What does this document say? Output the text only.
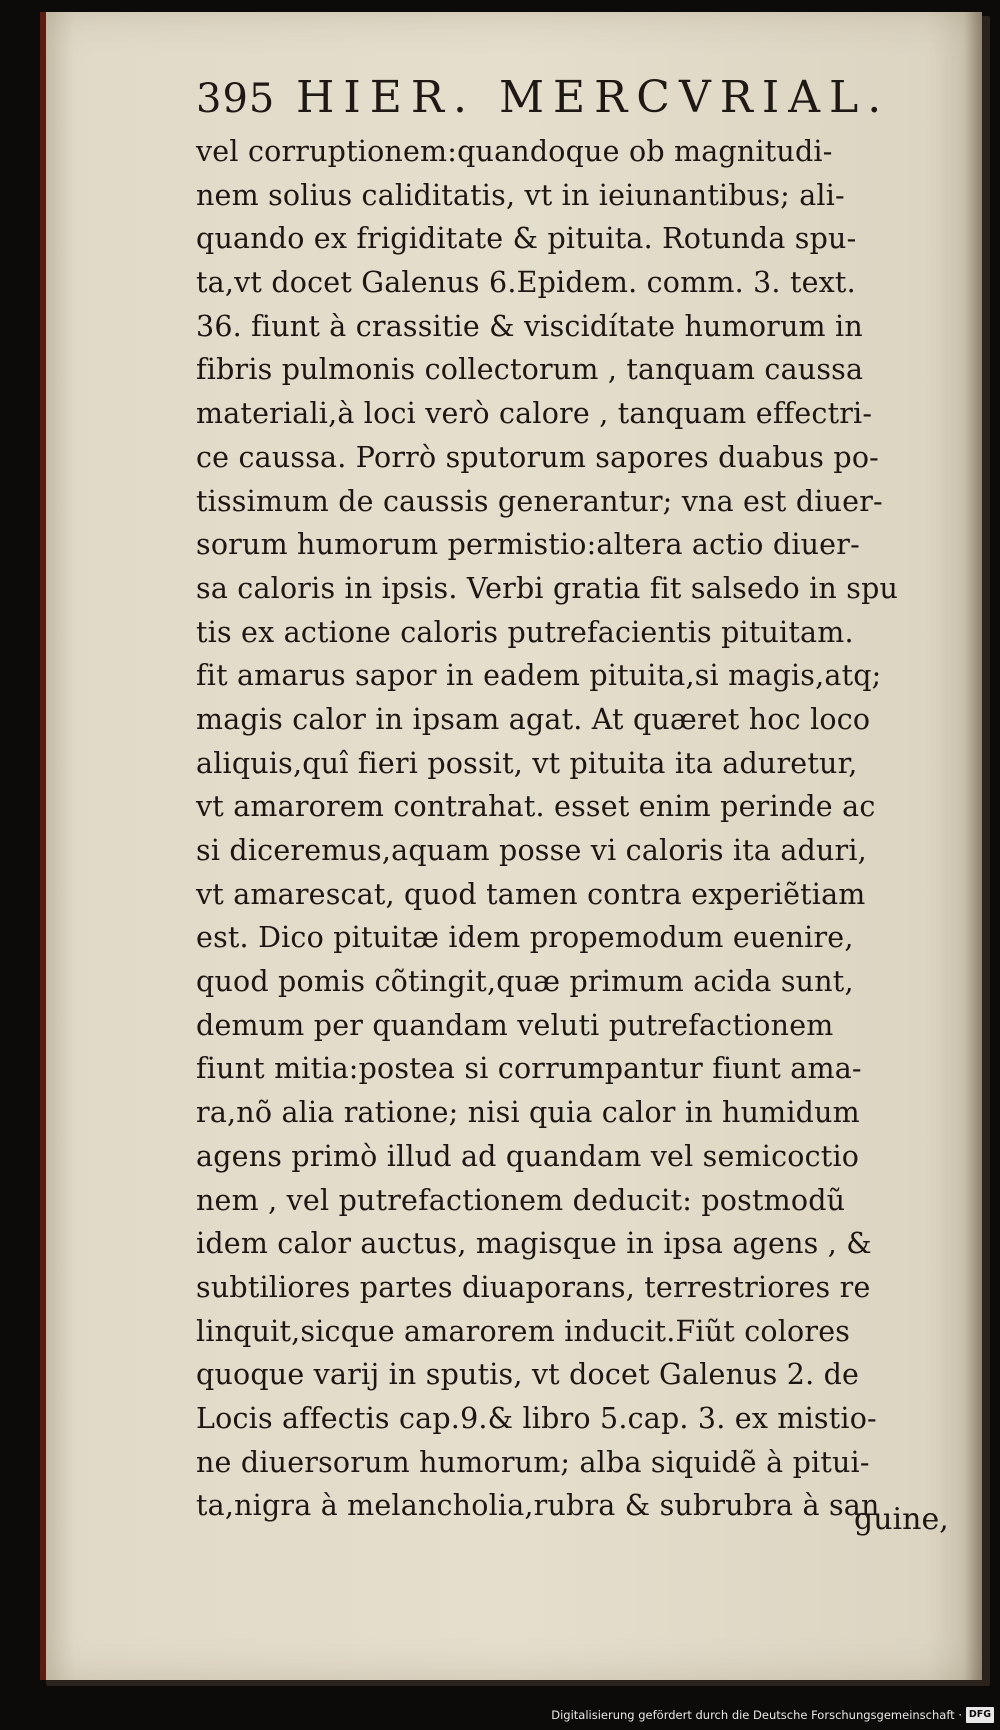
395 HIER. MERCVRIAL.
vel corruptionem:quandoque ob magnitudi-
nem solius caliditatis, vt in ieiunantibus; ali-
quando ex frigiditate & pituita. Rotunda spu-
ta,vt docet Galenus 6.Epidem. comm. 3. text.
36. fiunt à crassitie & viscidítate humorum in
fibris pulmonis collectorum , tanquam caussa
materiali,à loci verò calore , tanquam effectri-
ce caussa. Porrò sputorum sapores duabus po-
tissimum de caussis generantur; vna est diuer-
sorum humorum permistio:altera actio diuer-
sa caloris in ipsis. Verbi gratia fit salsedo in spu
tis ex actione caloris putrefacientis pituitam.
fit amarus sapor in eadem pituita,si magis,atq;
magis calor in ipsam agat. At quæret hoc loco
aliquis,quî fieri possit, vt pituita ita aduretur,
vt amarorem contrahat. esset enim perinde ac
si diceremus,aquam posse vi caloris ita aduri,
vt amarescat, quod tamen contra experiẽtiam
est. Dico pituitæ idem propemodum euenire,
quod pomis cõtingit,quæ primum acida sunt,
demum per quandam veluti putrefactionem
fiunt mitia:postea si corrumpantur fiunt ama-
ra,nõ alia ratione; nisi quia calor in humidum
agens primò illud ad quandam vel semicoctio
nem , vel putrefactionem deducit: postmodũ
idem calor auctus, magisque in ipsa agens , &
subtiliores partes diuaporans, terrestriores re
linquit,sicque amarorem inducit.Fiũt colores
quoque varij in sputis, vt docet Galenus 2. de
Locis affectis cap.9.& libro 5.cap. 3. ex mistio-
ne diuersorum humorum; alba siquidẽ à pitui-
ta,nigra à melancholia,rubra & subrubra à san
guine,
Digitalisierung gefördert durch die Deutsche Forschungsgemeinschaft · DFG
